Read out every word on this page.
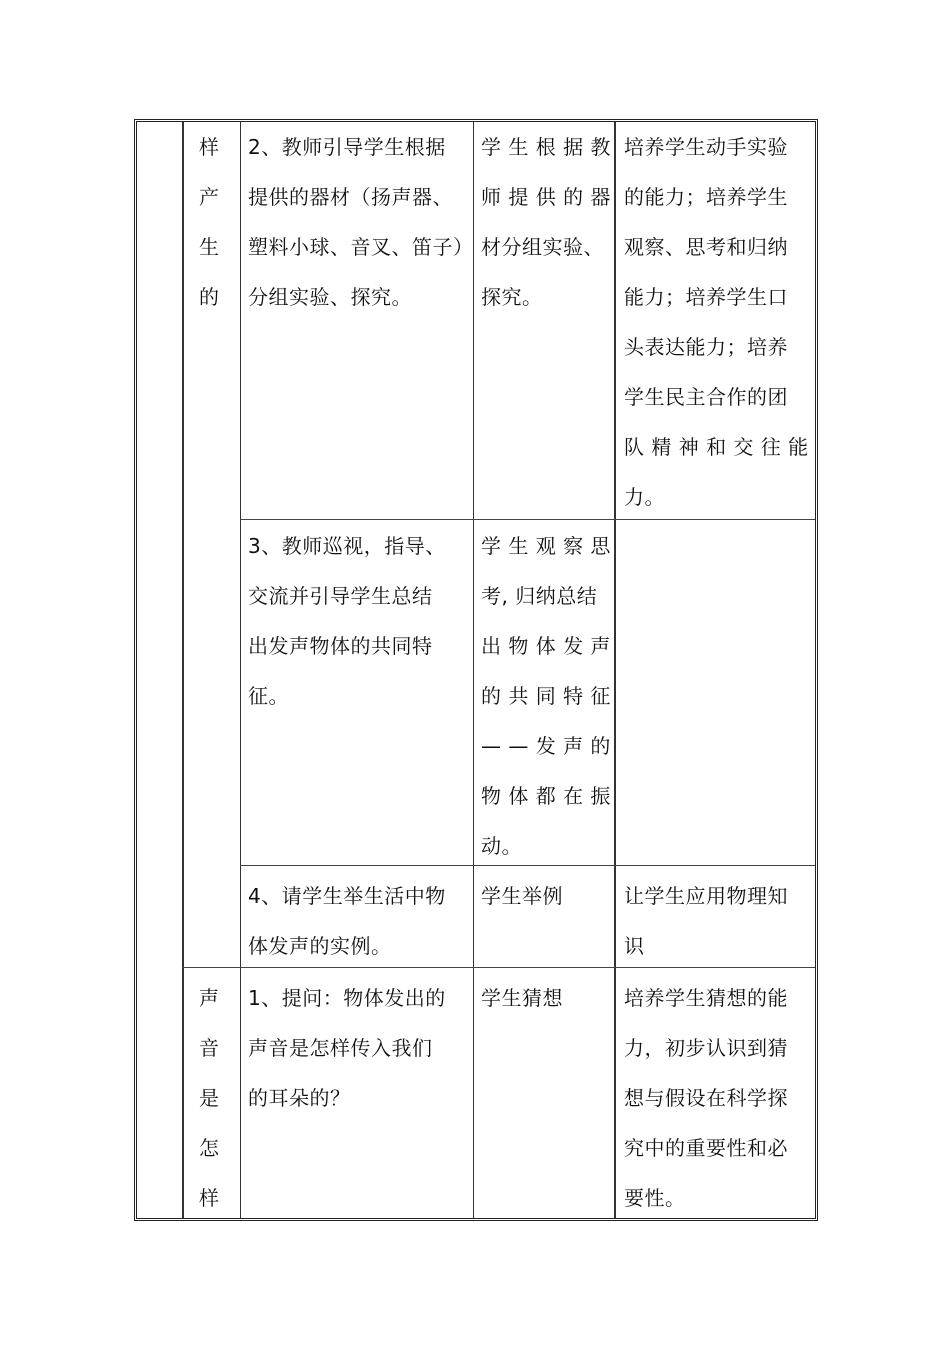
样
产
生
的
声
音
是
怎
样
2、教师引导学生根据
提供的器材（扬声器、
塑料小球、音叉、笛子）
分组实验、探究。
学 生 根 据 教
师 提 供 的 器
材分组实验、
探究。
培养学生动手实验
的能力；培养学生
观察、思考和归纳
能力；培养学生口
头表达能力；培养
学生民主合作的团
队 精 神 和 交 往 能
力。
3、教师巡视，指导、
交流并引导学生总结
出发声物体的共同特
征。
学 生 观 察 思
考, 归纳总结
出 物 体 发 声
的 共 同 特 征
— — 发 声 的
物 体 都 在 振
动。
4、请学生举生活中物
体发声的实例。
学生举例	让学生应用物理知
识
1、提问：物体发出的
声音是怎样传入我们
的耳朵的？
学生猜想	培养学生猜想的能
力，初步认识到猜
想与假设在科学探
究中的重要性和必
要性。
